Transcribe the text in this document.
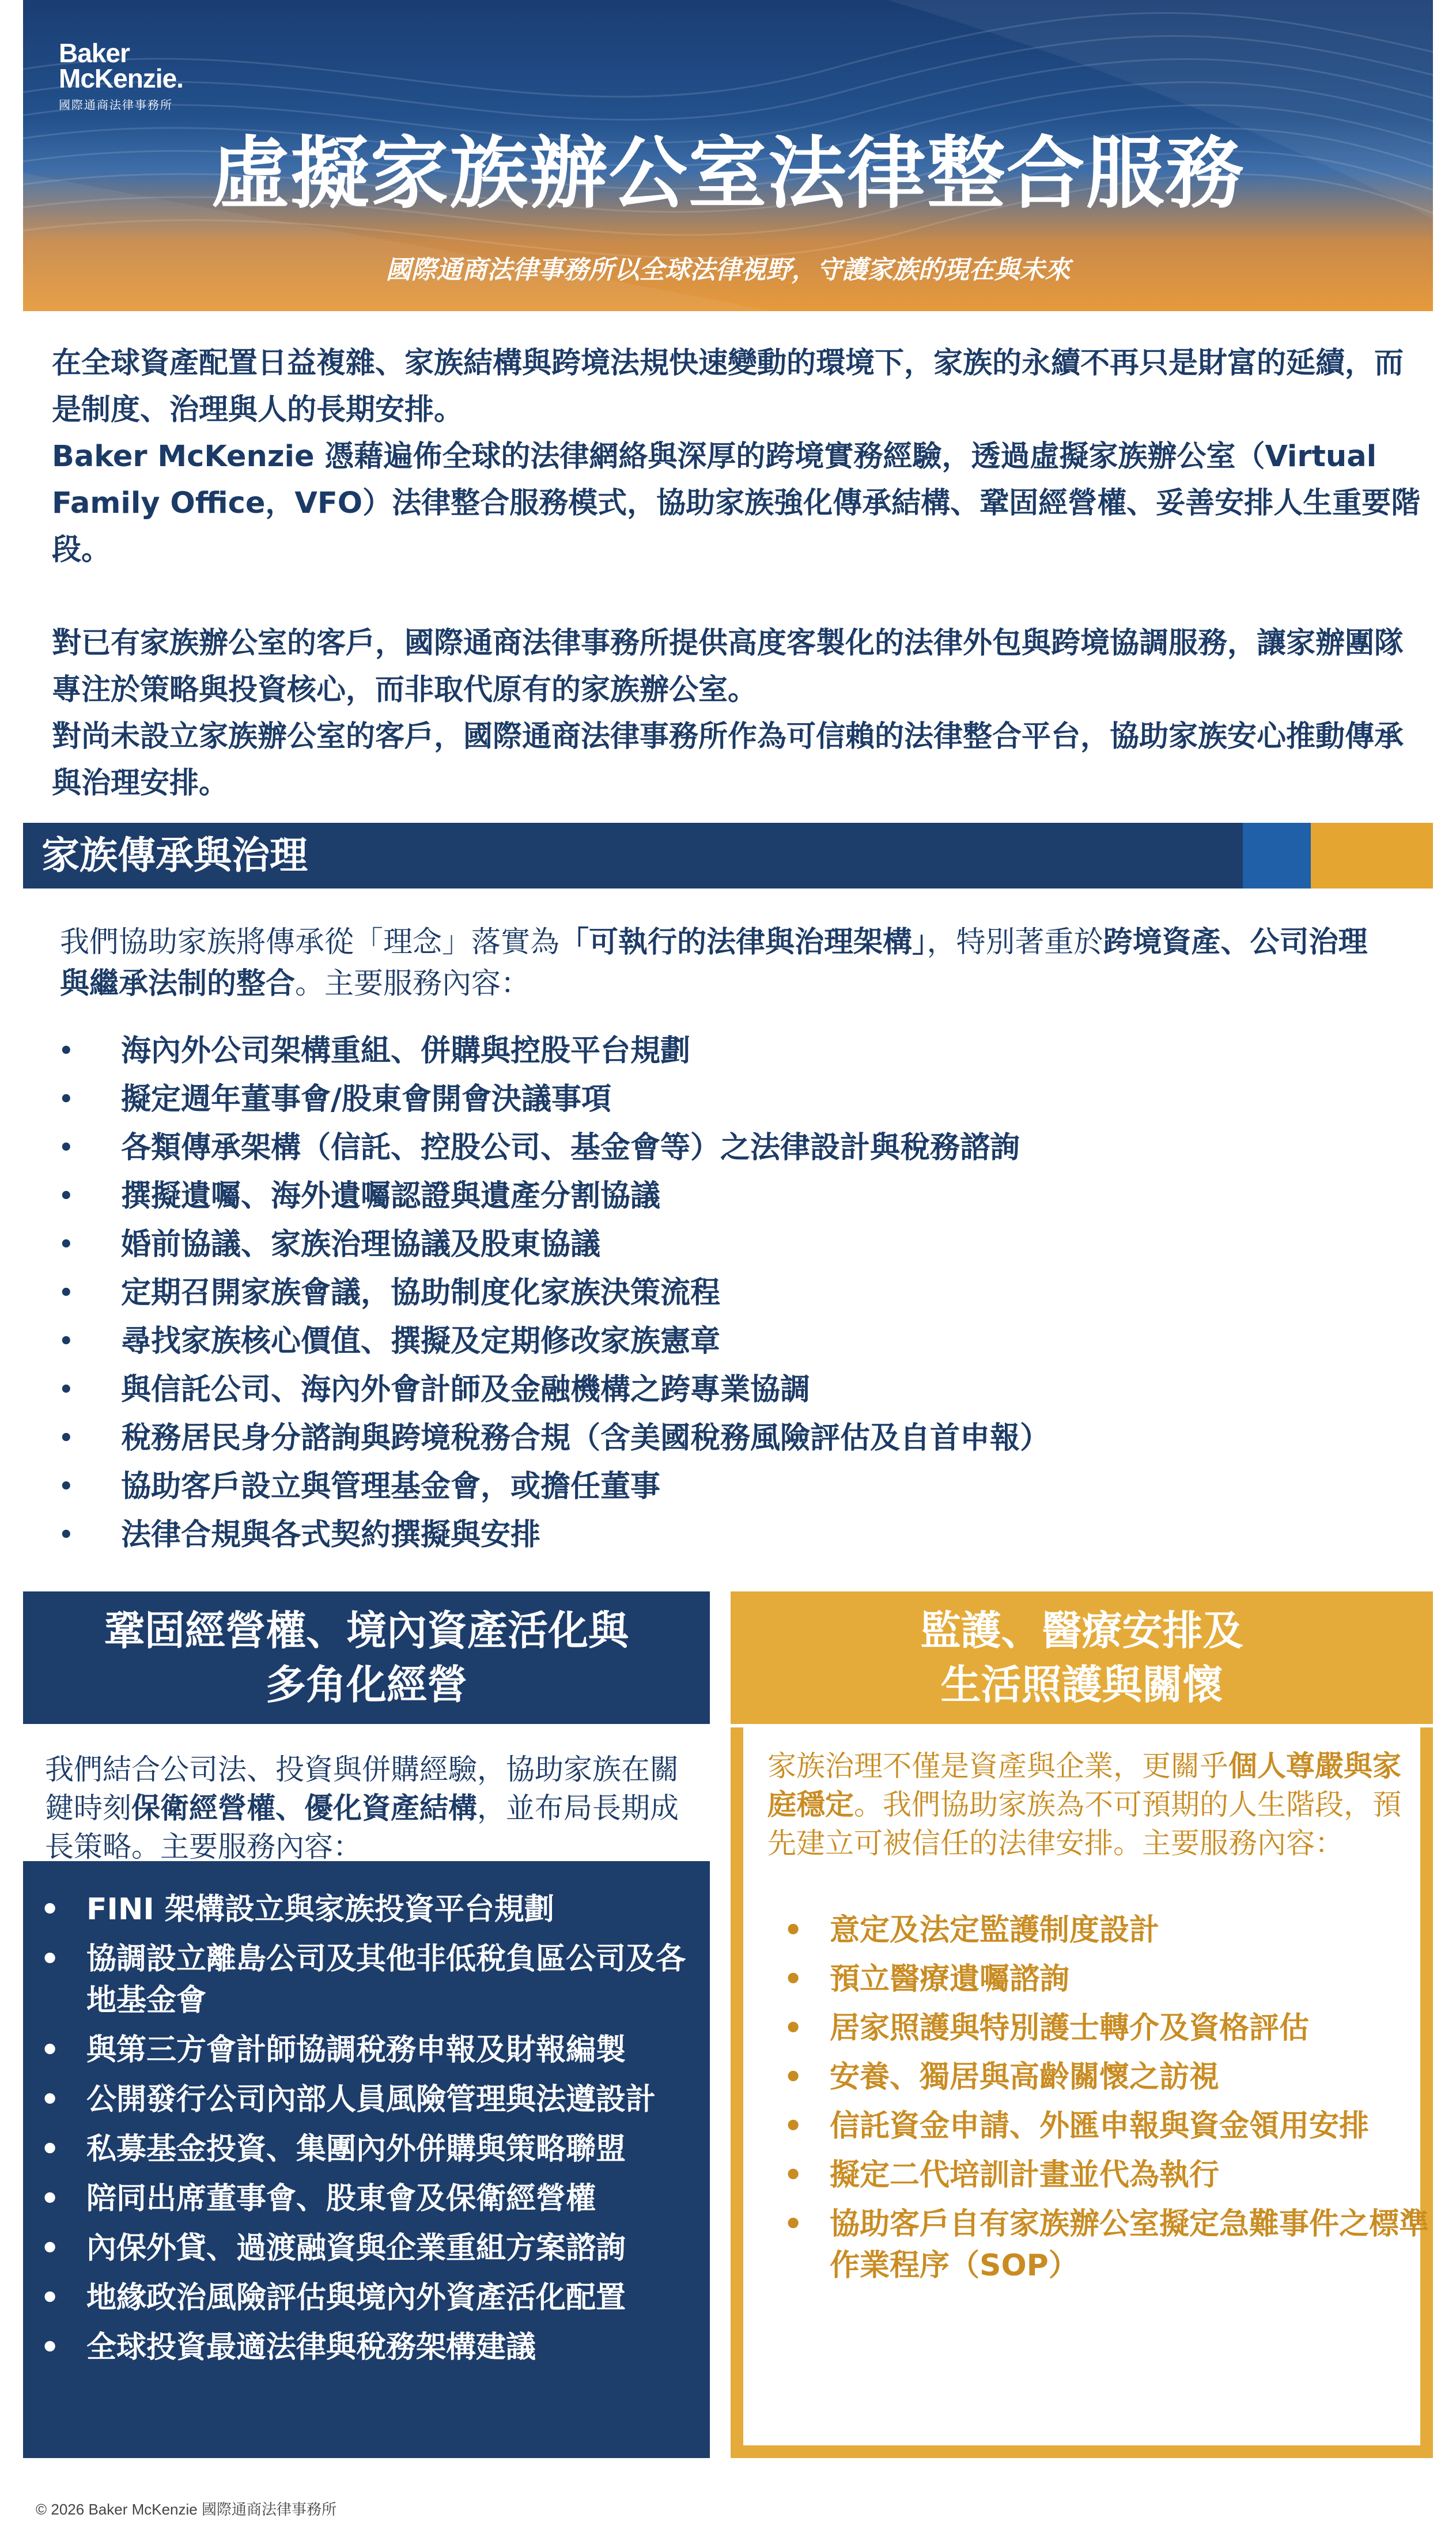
Baker
McKenzie.
國際通商法律事務所
虛擬家族辦公室法律整合服務
國際通商法律事務所以全球法律視野，守護家族的現在與未來

在全球資產配置日益複雜、家族結構與跨境法規快速變動的環境下，家族的永續不再只是財富的延續，而是制度、治理與人的長期安排。

Baker McKenzie 憑藉遍佈全球的法律網絡與深厚的跨境實務經驗，透過虛擬家族辦公室（Virtual Family Office，VFO）法律整合服務模式，協助家族強化傳承結構、鞏固經營權、妥善安排人生重要階段。

對已有家族辦公室的客戶，國際通商法律事務所提供高度客製化的法律外包與跨境協調服務，讓家辦團隊專注於策略與投資核心，而非取代原有的家族辦公室。

對尚未設立家族辦公室的客戶，國際通商法律事務所作為可信賴的法律整合平台，協助家族安心推動傳承與治理安排。

家族傳承與治理
我們協助家族將傳承從「理念」落實為「可執行的法律與治理架構」，特別著重於跨境資產、公司治理與繼承法制的整合。主要服務內容：
• 海內外公司架構重組、併購與控股平台規劃
• 擬定週年董事會/股東會開會決議事項
• 各類傳承架構（信託、控股公司、基金會等）之法律設計與稅務諮詢
• 撰擬遺囑、海外遺囑認證與遺產分割協議
• 婚前協議、家族治理協議及股東協議
• 定期召開家族會議，協助制度化家族決策流程
• 尋找家族核心價值、撰擬及定期修改家族憲章
• 與信託公司、海內外會計師及金融機構之跨專業協調
• 稅務居民身分諮詢與跨境稅務合規（含美國稅務風險評估及自首申報）
• 協助客戶設立與管理基金會，或擔任董事
• 法律合規與各式契約撰擬與安排
鞏固經營權、境內資產活化與
多角化經營
我們結合公司法、投資與併購經驗，協助家族在關鍵時刻保衛經營權、優化資產結構，並布局長期成長策略。主要服務內容：
• FINI 架構設立與家族投資平台規劃
• 協調設立離島公司及其他非低稅負區公司及各地基金會
• 與第三方會計師協調稅務申報及財報編製
• 公開發行公司內部人員風險管理與法遵設計
• 私募基金投資、集團內外併購與策略聯盟
• 陪同出席董事會、股東會及保衛經營權
• 內保外貸、過渡融資與企業重組方案諮詢
• 地緣政治風險評估與境內外資產活化配置
• 全球投資最適法律與稅務架構建議
監護、醫療安排及
生活照護與關懷
家族治理不僅是資產與企業，更關乎個人尊嚴與家庭穩定。我們協助家族為不可預期的人生階段，預先建立可被信任的法律安排。主要服務內容：
• 意定及法定監護制度設計
• 預立醫療遺囑諮詢
• 居家照護與特別護士轉介及資格評估
• 安養、獨居與高齡關懷之訪視
• 信託資金申請、外匯申報與資金領用安排
• 擬定二代培訓計畫並代為執行
• 協助客戶自有家族辦公室擬定急難事件之標準作業程序（SOP）
© 2026 Baker McKenzie 國際通商法律事務所
